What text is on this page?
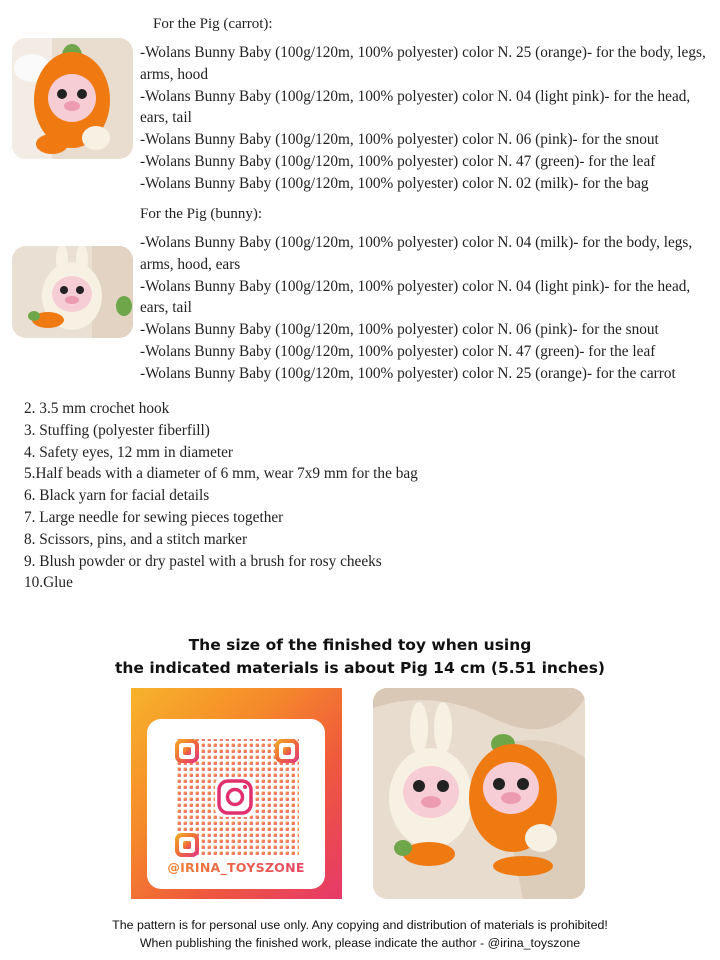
For the Pig (carrot):
-Wolans Bunny Baby (100g/120m, 100% polyester) color N. 25 (orange)- for the body, legs, arms, hood
-Wolans Bunny Baby (100g/120m, 100% polyester) color N. 04 (light pink)- for the head, ears, tail
-Wolans Bunny Baby (100g/120m, 100% polyester) color N. 06 (pink)- for the snout
-Wolans Bunny Baby (100g/120m, 100% polyester) color N. 47 (green)- for the leaf
-Wolans Bunny Baby (100g/120m, 100% polyester) color N. 02 (milk)- for the bag
For the Pig (bunny):
-Wolans Bunny Baby (100g/120m, 100% polyester) color N. 04 (milk)- for the body, legs, arms, hood, ears
-Wolans Bunny Baby (100g/120m, 100% polyester) color N. 04 (light pink)- for the head, ears, tail
-Wolans Bunny Baby (100g/120m, 100% polyester) color N. 06 (pink)- for the snout
-Wolans Bunny Baby (100g/120m, 100% polyester) color N. 47 (green)- for the leaf
-Wolans Bunny Baby (100g/120m, 100% polyester) color N. 25 (orange)- for the carrot
2. 3.5 mm crochet hook
3. Stuffing (polyester fiberfill)
4. Safety eyes, 12 mm in diameter
5.Half beads with a diameter of 6 mm, wear 7x9 mm for the bag
6. Black yarn for facial details
7. Large needle for sewing pieces together
8. Scissors, pins, and a stitch marker
9. Blush powder or dry pastel with a brush for rosy cheeks
10.Glue
The size of the finished toy when using
the indicated materials is about Pig 14 cm (5.51 inches)
@IRINA_TOYSZONE
The pattern is for personal use only. Any copying and distribution of materials is prohibited!
When publishing the finished work, please indicate the author - @irina_toyszone
